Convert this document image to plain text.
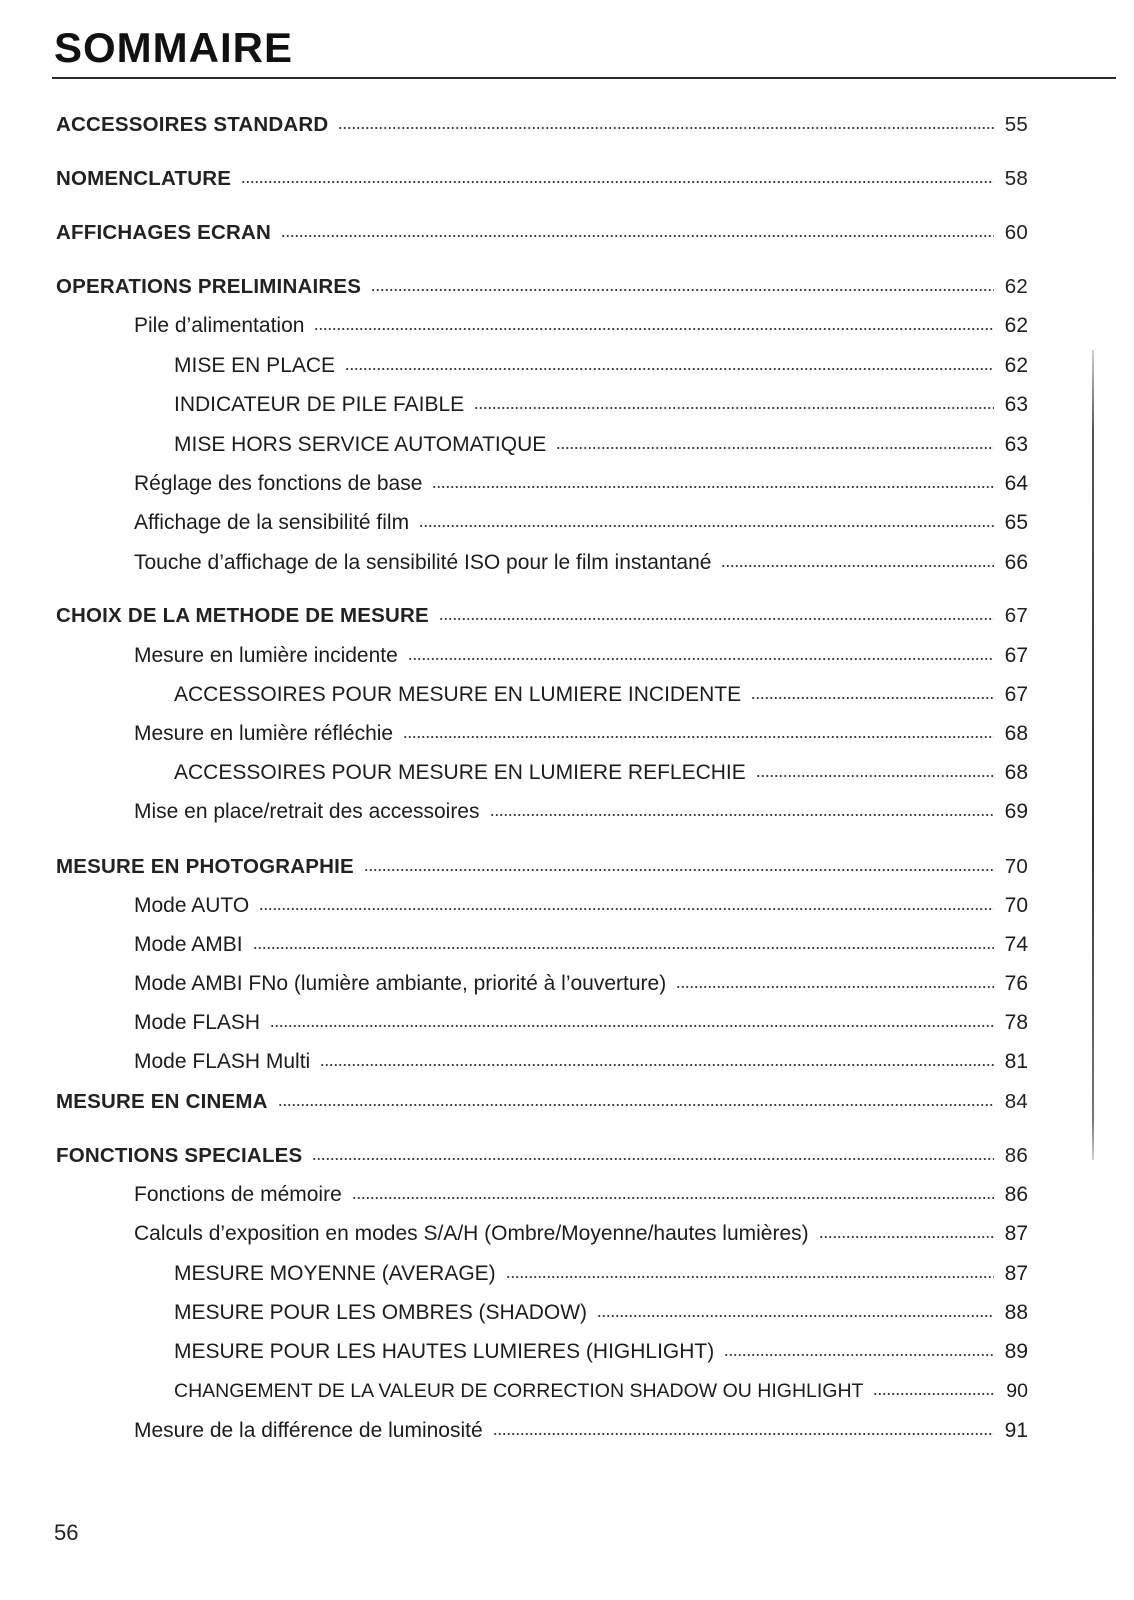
SOMMAIRE
ACCESSOIRES STANDARD	55
NOMENCLATURE	58
AFFICHAGES ECRAN	60
OPERATIONS PRELIMINAIRES	62
Pile d’alimentation	62
MISE EN PLACE	62
INDICATEUR DE PILE FAIBLE	63
MISE HORS SERVICE AUTOMATIQUE	63
Réglage des fonctions de base	64
Affichage de la sensibilité film	65
Touche d’affichage de la sensibilité ISO pour le film instantané	66
CHOIX DE LA METHODE DE MESURE	67
Mesure en lumière incidente	67
ACCESSOIRES POUR MESURE EN LUMIERE INCIDENTE	67
Mesure en lumière réfléchie	68
ACCESSOIRES POUR MESURE EN LUMIERE REFLECHIE	68
Mise en place/retrait des accessoires	69
MESURE EN PHOTOGRAPHIE	70
Mode AUTO	70
Mode AMBI	74
Mode AMBI FNo (lumière ambiante, priorité à l’ouverture)	76
Mode FLASH	78
Mode FLASH Multi	81
MESURE EN CINEMA	84
FONCTIONS SPECIALES	86
Fonctions de mémoire	86
Calculs d’exposition en modes S/A/H (Ombre/Moyenne/hautes lumières)	87
MESURE MOYENNE (AVERAGE)	87
MESURE POUR LES OMBRES (SHADOW)	88
MESURE POUR LES HAUTES LUMIERES (HIGHLIGHT)	89
CHANGEMENT DE LA VALEUR DE CORRECTION SHADOW OU HIGHLIGHT	90
Mesure de la différence de luminosité	91
56
